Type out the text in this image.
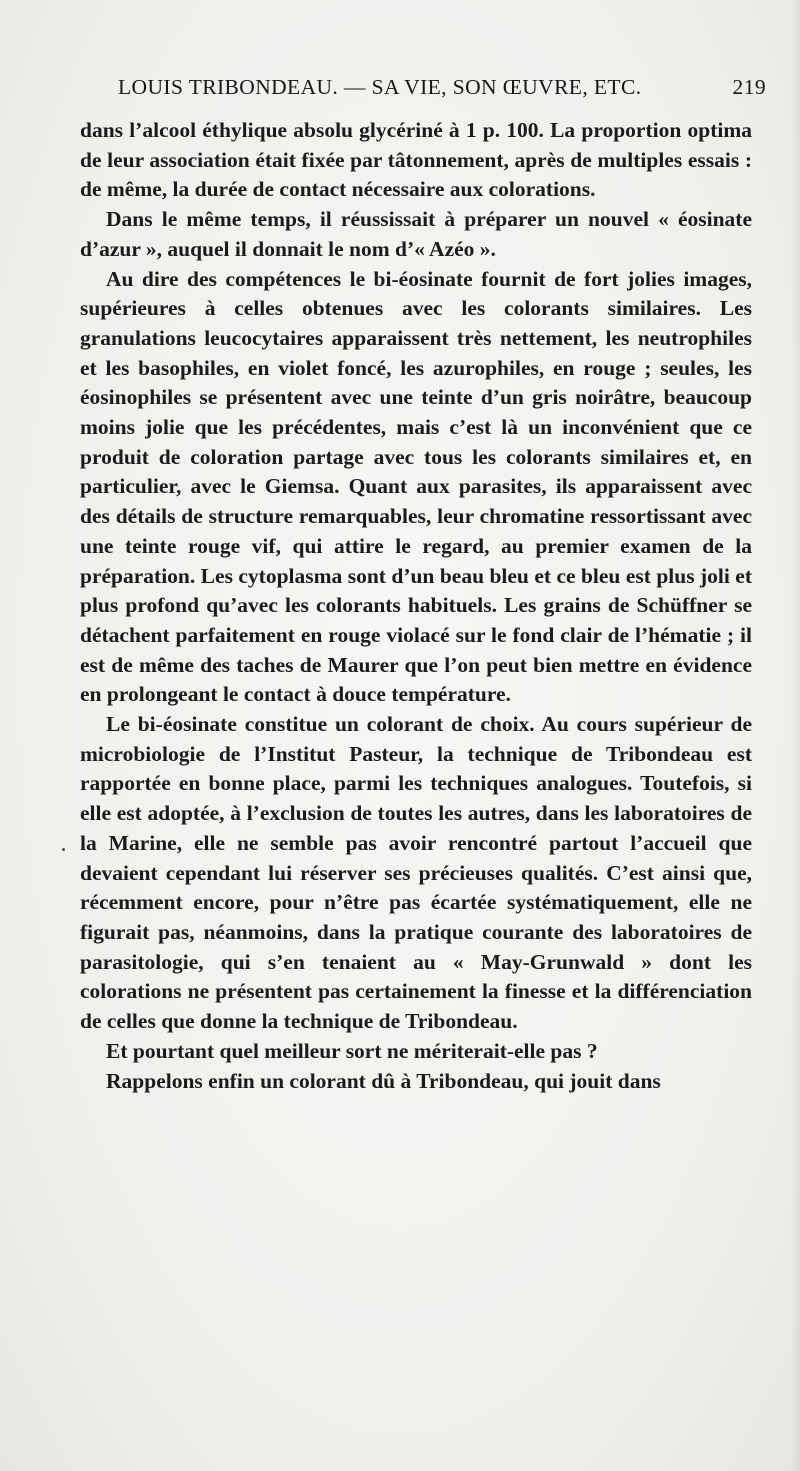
LOUIS TRIBONDEAU. — SA VIE, SON ŒUVRE, ETC.	219

dans l’alcool éthylique absolu glycériné à 1 p. 100. La proportion optima de leur association était fixée par tâtonnement, après de multiples essais : de même, la durée de contact nécessaire aux colorations.

Dans le même temps, il réussissait à préparer un nouvel « éosinate d’azur », auquel il donnait le nom d’« Azéo ».

Au dire des compétences le bi-éosinate fournit de fort jolies images, supérieures à celles obtenues avec les colorants similaires. Les granulations leucocytaires apparaissent très nettement, les neutrophiles et les basophiles, en violet foncé, les azurophiles, en rouge ; seules, les éosinophiles se présentent avec une teinte d’un gris noirâtre, beaucoup moins jolie que les précédentes, mais c’est là un inconvénient que ce produit de coloration partage avec tous les colorants similaires et, en particulier, avec le Giemsa. Quant aux parasites, ils apparaissent avec des détails de structure remarquables, leur chromatine ressortissant avec une teinte rouge vif, qui attire le regard, au premier examen de la préparation. Les cytoplasma sont d’un beau bleu et ce bleu est plus joli et plus profond qu’avec les colorants habituels. Les grains de Schüffner se détachent parfaitement en rouge violacé sur le fond clair de l’hématie ; il est de même des taches de Maurer que l’on peut bien mettre en évidence en prolongeant le contact à douce température.

Le bi-éosinate constitue un colorant de choix. Au cours supérieur de microbiologie de l’Institut Pasteur, la technique de Tribondeau est rapportée en bonne place, parmi les techniques analogues. Toutefois, si elle est adoptée, à l’exclusion de toutes les autres, dans les laboratoires de la Marine, elle ne semble pas avoir rencontré partout l’accueil que devaient cependant lui réserver ses précieuses qualités. C’est ainsi que, récemment encore, pour n’être pas écartée systématiquement, elle ne figurait pas, néanmoins, dans la pratique courante des laboratoires de parasitologie, qui s’en tenaient au « May-Grunwald » dont les colorations ne présentent pas certainement la finesse et la différenciation de celles que donne la technique de Tribondeau.

Et pourtant quel meilleur sort ne mériterait-elle pas ?

Rappelons enfin un colorant dû à Tribondeau, qui jouit dans
